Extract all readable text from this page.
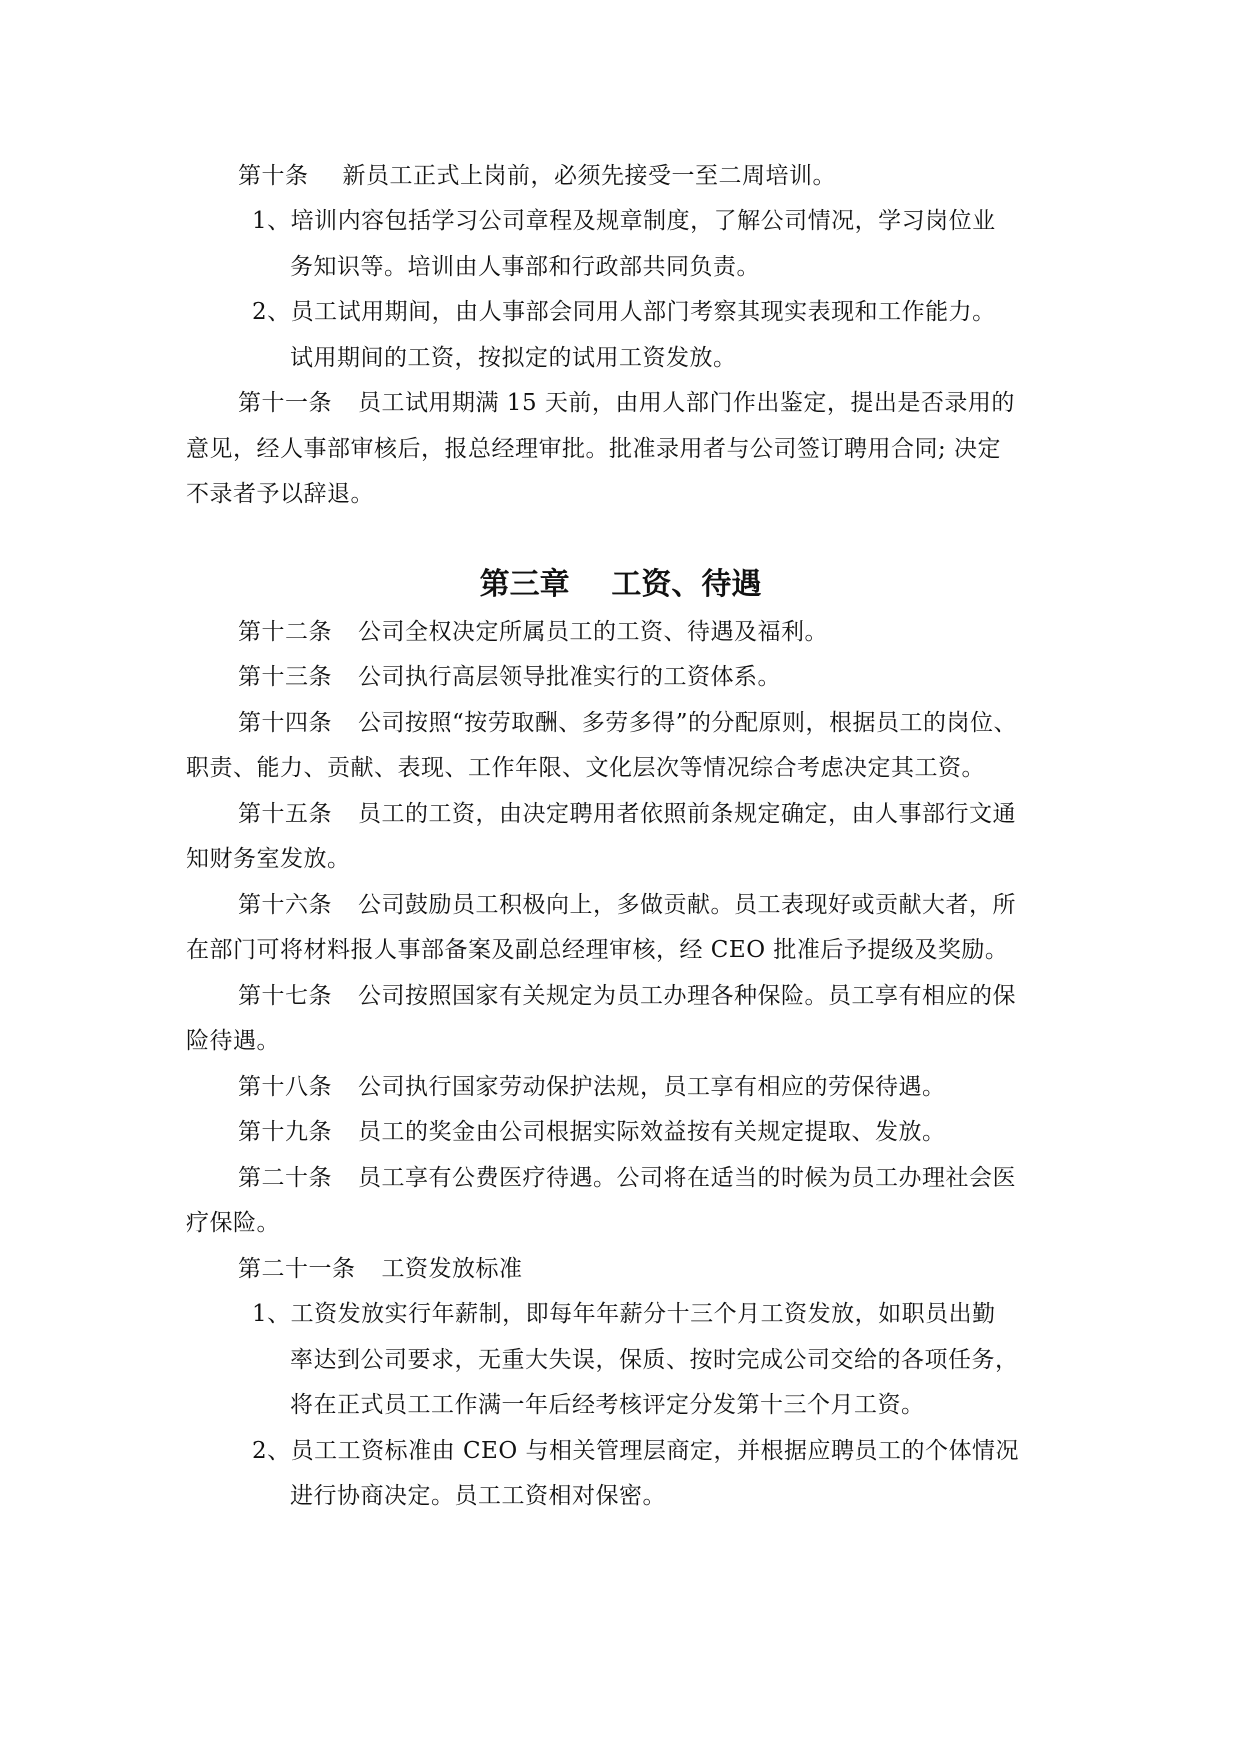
第十条 新员工正式上岗前，必须先接受一至二周培训。
1、培训内容包括学习公司章程及规章制度，了解公司情况，学习岗位业
务知识等。培训由人事部和行政部共同负责。
2、员工试用期间，由人事部会同用人部门考察其现实表现和工作能力。
试用期间的工资，按拟定的试用工资发放。
第十一条 员工试用期满 15 天前，由用人部门作出鉴定，提出是否录用的
意见，经人事部审核后，报总经理审批。批准录用者与公司签订聘用合同; 决定
不录者予以辞退。
第三章    工资、待遇
第十二条 公司全权决定所属员工的工资、待遇及福利。
第十三条 公司执行高层领导批准实行的工资体系。
第十四条 公司按照“按劳取酬、多劳多得”的分配原则，根据员工的岗位、
职责、能力、贡献、表现、工作年限、文化层次等情况综合考虑决定其工资。
第十五条 员工的工资，由决定聘用者依照前条规定确定，由人事部行文通
知财务室发放。
第十六条 公司鼓励员工积极向上，多做贡献。员工表现好或贡献大者，所
在部门可将材料报人事部备案及副总经理审核，经 CEO 批准后予提级及奖励。
第十七条 公司按照国家有关规定为员工办理各种保险。员工享有相应的保
险待遇。
第十八条 公司执行国家劳动保护法规，员工享有相应的劳保待遇。
第十九条 员工的奖金由公司根据实际效益按有关规定提取、发放。
第二十条 员工享有公费医疗待遇。公司将在适当的时候为员工办理社会医
疗保险。
第二十一条 工资发放标准
1、工资发放实行年薪制，即每年年薪分十三个月工资发放，如职员出勤
率达到公司要求，无重大失误，保质、按时完成公司交给的各项任务，
将在正式员工工作满一年后经考核评定分发第十三个月工资。
2、员工工资标准由 CEO 与相关管理层商定，并根据应聘员工的个体情况
进行协商决定。员工工资相对保密。
